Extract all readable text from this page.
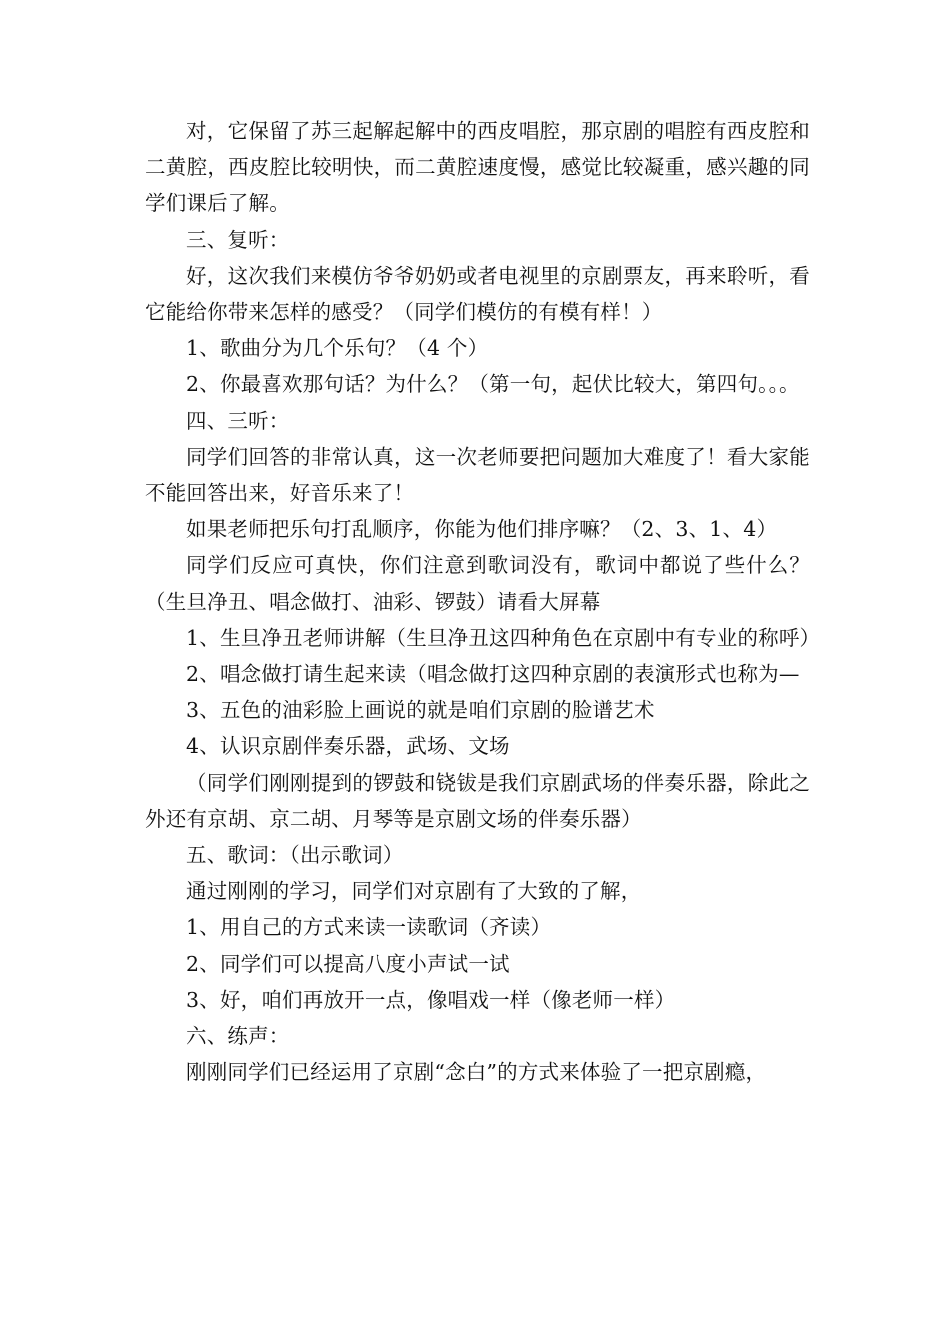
对，它保留了苏三起解起解中的西皮唱腔，那京剧的唱腔有西皮腔和二黄腔，西皮腔比较明快，而二黄腔速度慢，感觉比较凝重，感兴趣的同学们课后了解。

三、复听：

好，这次我们来模仿爷爷奶奶或者电视里的京剧票友，再来聆听，看它能给你带来怎样的感受？（同学们模仿的有模有样！）

1、歌曲分为几个乐句？（4 个）

2、你最喜欢那句话？为什么？（第一句，起伏比较大，第四句。。。

四、三听：

同学们回答的非常认真，这一次老师要把问题加大难度了！看大家能不能回答出来，好音乐来了！

如果老师把乐句打乱顺序，你能为他们排序嘛？（2、3、1、4）

同学们反应可真快，你们注意到歌词没有，歌词中都说了些什么？（生旦净丑、唱念做打、油彩、锣鼓）请看大屏幕

1、生旦净丑老师讲解（生旦净丑这四种角色在京剧中有专业的称呼）

2、唱念做打请生起来读（唱念做打这四种京剧的表演形式也称为—

3、五色的油彩脸上画说的就是咱们京剧的脸谱艺术

4、认识京剧伴奏乐器，武场、文场

（同学们刚刚提到的锣鼓和铙钹是我们京剧武场的伴奏乐器，除此之外还有京胡、京二胡、月琴等是京剧文场的伴奏乐器）

五、歌词：（出示歌词）

通过刚刚的学习，同学们对京剧有了大致的了解，

1、用自己的方式来读一读歌词（齐读）

2、同学们可以提高八度小声试一试

3、好，咱们再放开一点，像唱戏一样（像老师一样）

六、练声：

刚刚同学们已经运用了京剧“念白”的方式来体验了一把京剧瘾，
